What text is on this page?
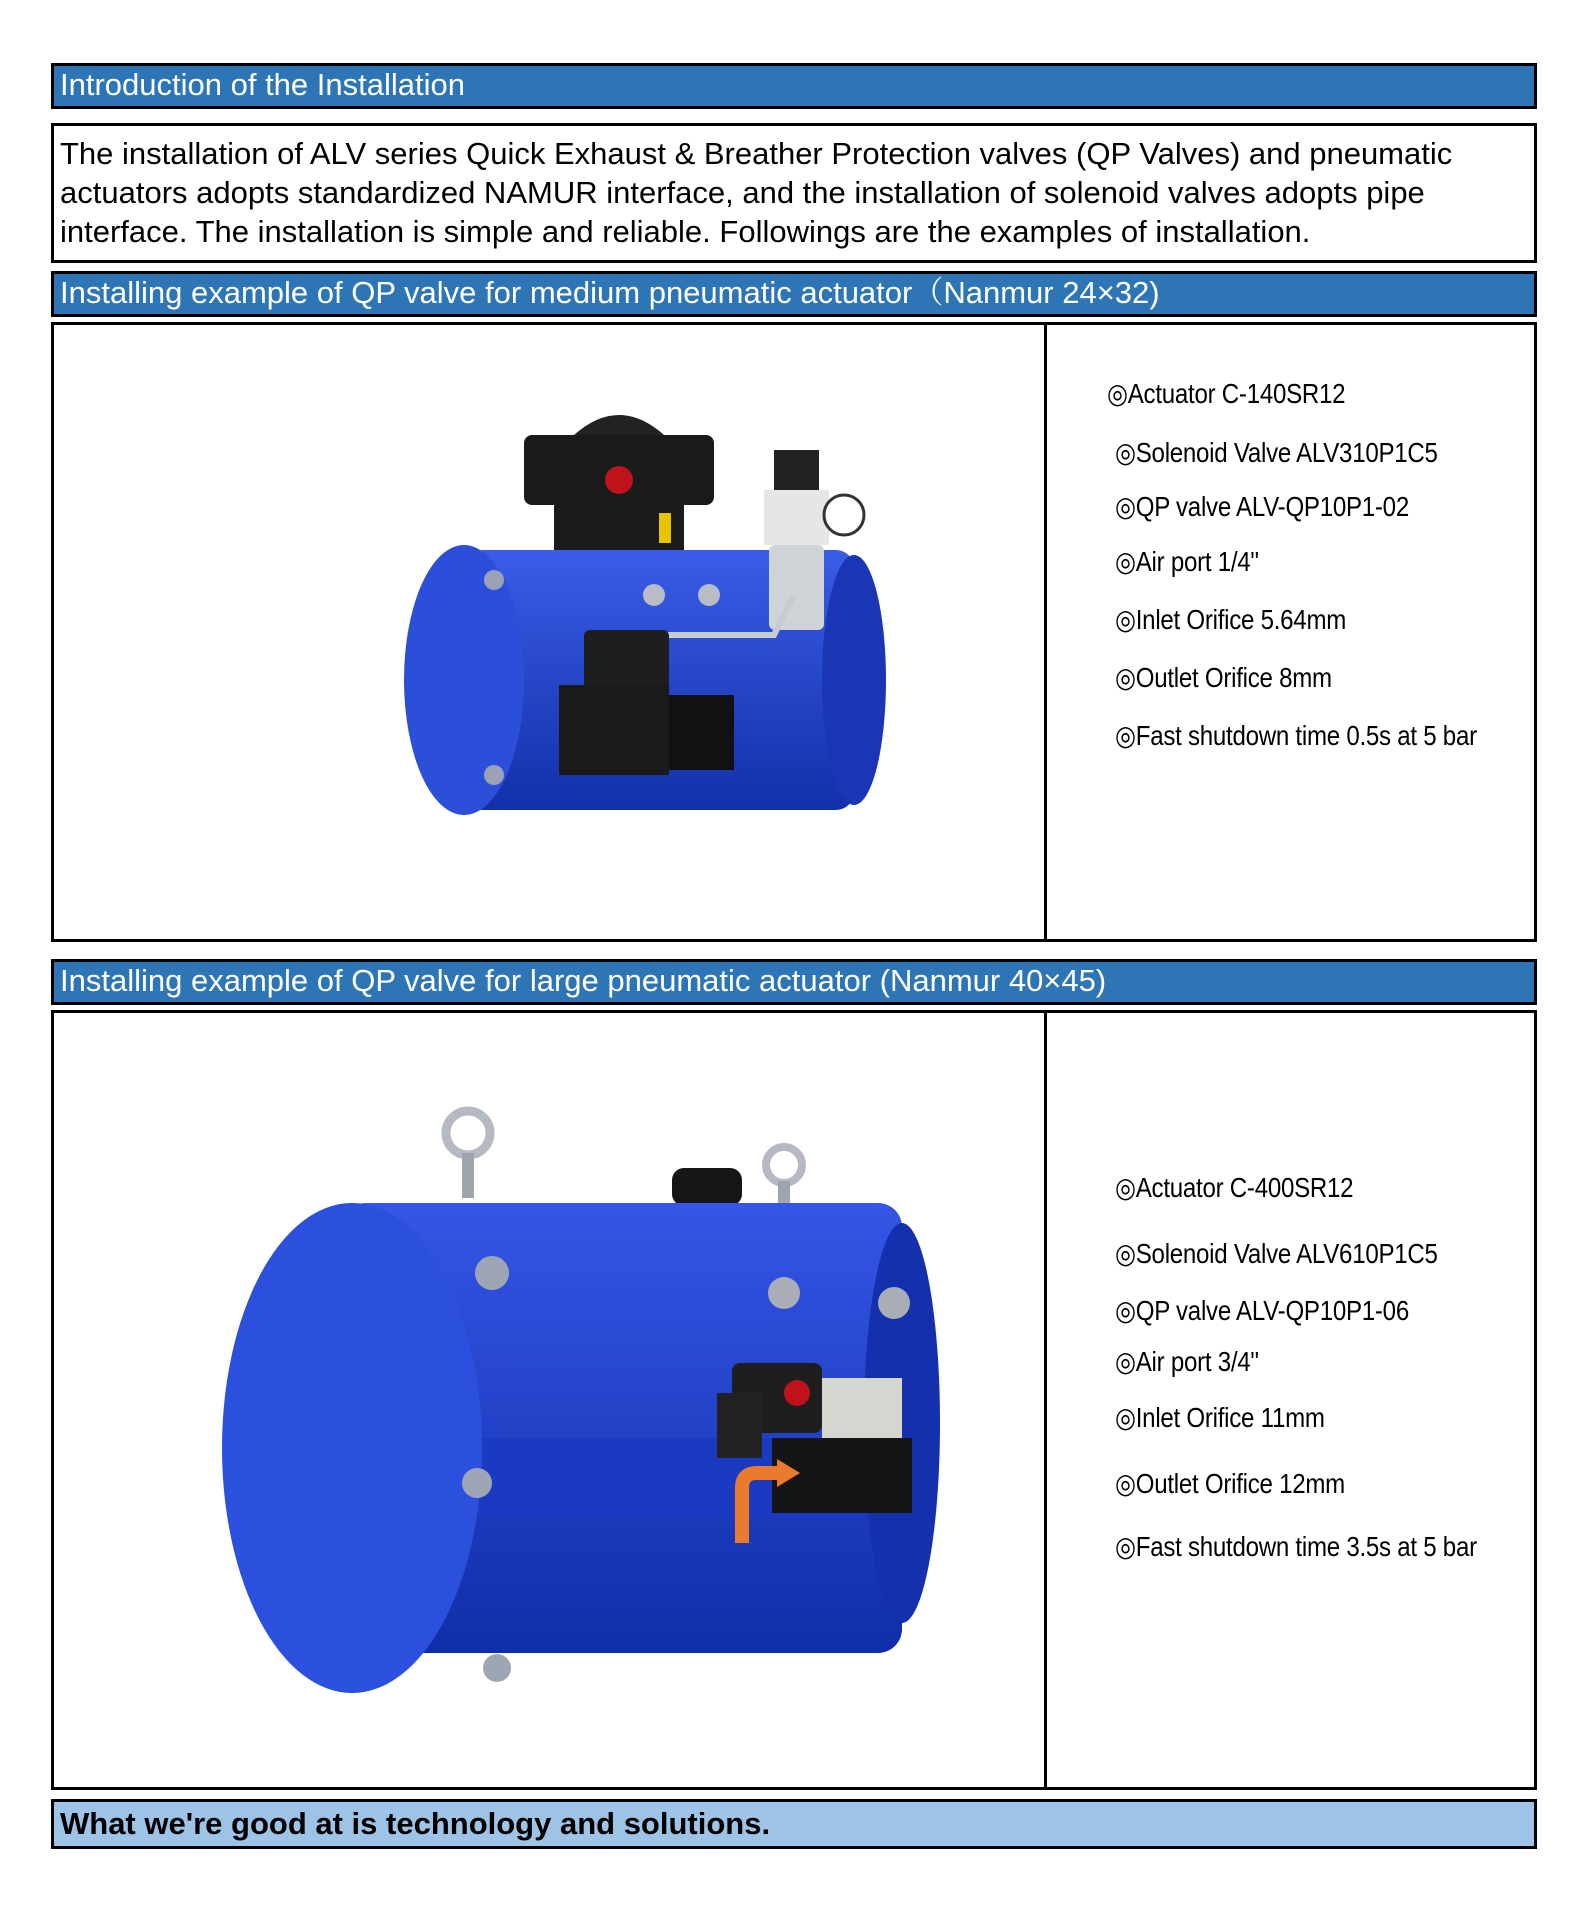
Introduction of the Installation
The installation of ALV series Quick Exhaust & Breather Protection valves (QP Valves) and pneumatic actuators adopts standardized NAMUR interface, and the installation of solenoid valves adopts pipe interface. The installation is simple and reliable. Followings are the examples of installation.
Installing example of QP valve for medium pneumatic actuator（Nanmur 24×32)
◎Actuator C-140SR12
◎Solenoid Valve ALV310P1C5
◎QP valve ALV-QP10P1-02
◎Air port 1/4"
◎Inlet Orifice 5.64mm
◎Outlet Orifice 8mm
◎Fast shutdown time 0.5s at 5 bar
Installing example of QP valve for large pneumatic actuator (Nanmur 40×45)
◎Actuator C-400SR12
◎Solenoid Valve ALV610P1C5
◎QP valve ALV-QP10P1-06
◎Air port 3/4"
◎Inlet Orifice 11mm
◎Outlet Orifice 12mm
◎Fast shutdown time 3.5s at 5 bar
What we're good at is technology and solutions.
